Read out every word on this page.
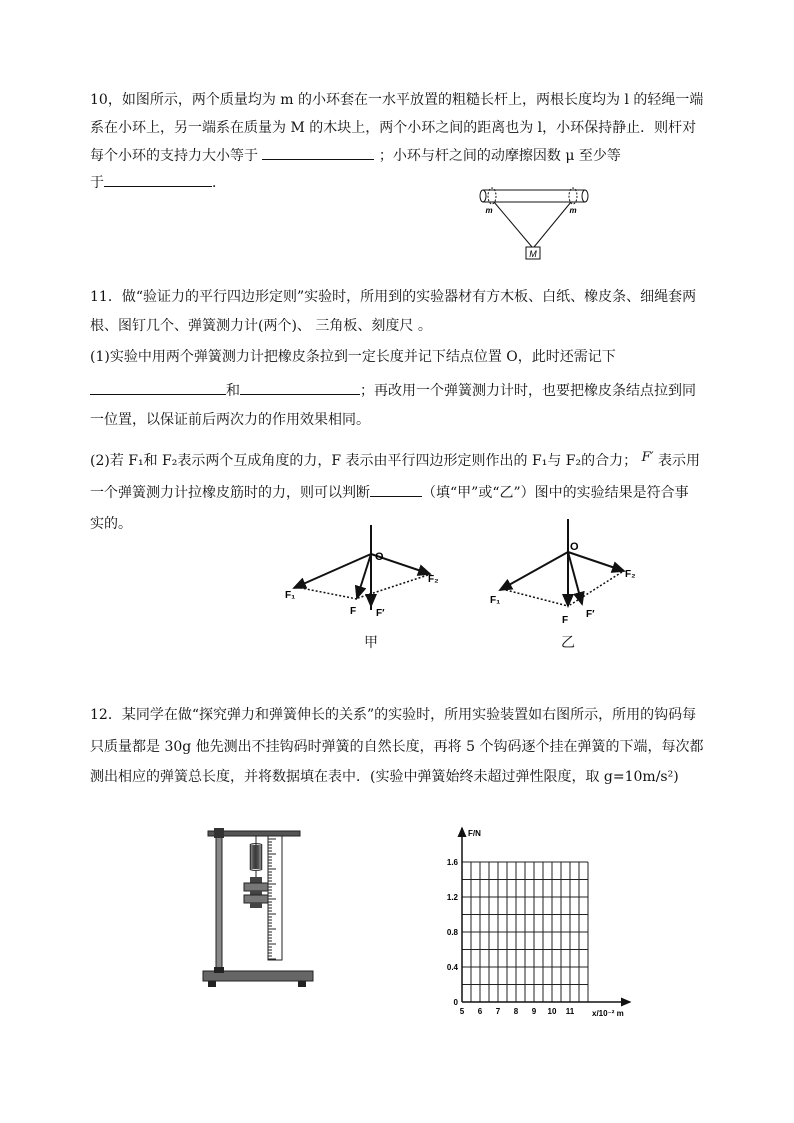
10，如图所示，两个质量均为 m 的小环套在一水平放置的粗糙长杆上，两根长度均为 l 的轻绳一端
系在小环上，另一端系在质量为 M 的木块上，两个小环之间的距离也为 l，小环保持静止．则杆对
每个小环的支持力大小等于	；小环与杆之间的动摩擦因数 μ 至少等
于	．
M
m	m
11．做“验证力的平行四边形定则”实验时，所用到的实验器材有方木板、白纸、橡皮条、细绳套两
根、图钉几个、弹簧测力计(两个)、 三角板、刻度尺 。
(1)实验中用两个弹簧测力计把橡皮条拉到一定长度并记下结点位置 O，此时还需记下
和	；再改用一个弹簧测力计时，也要把橡皮条结点拉到同
一位置，以保证前后两次力的作用效果相同。
(2)若 F₁和 F₂表示两个互成角度的力，F 表示由平行四边形定则作出的 F₁与 F₂的合力； F′ 表示用
一个弹簧测力计拉橡皮筋时的力，则可以判断	（填“甲”或“乙”）图中的实验结果是符合事
实的。
O
F₁
F₂
F F′
甲
O
F₁
F₂
F
F′
乙
12．某同学在做“探究弹力和弹簧伸长的关系”的实验时，所用实验装置如右图所示，所用的钩码每
只质量都是 30g 他先测出不挂钩码时弹簧的自然长度，再将 5 个钩码逐个挂在弹簧的下端，每次都
测出相应的弹簧总长度，并将数据填在表中．(实验中弹簧始终未超过弹性限度，取 g=10m/s²)
F/N
x/10⁻² m
0
0.4
0.8
1.2
1.6
5 6 7 8 9 10 11
